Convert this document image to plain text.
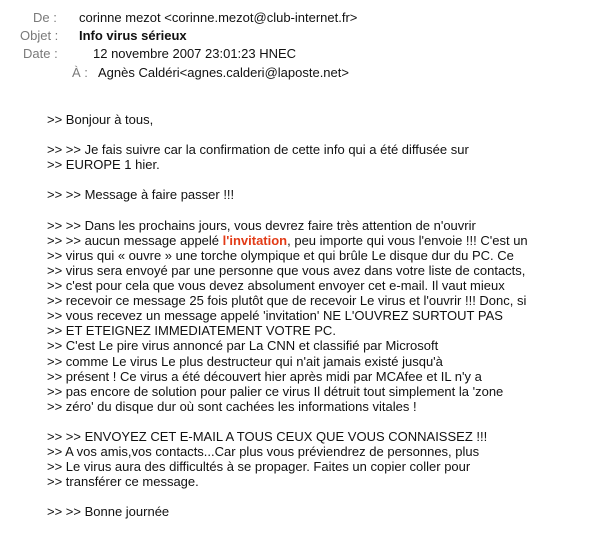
De : corinne mezot <corinne.mezot@club-internet.fr>
Objet : Info virus sérieux
Date :	12 novembre 2007 23:01:23 HNEC
À : Agnès Caldéri<agnes.calderi@laposte.net>
>> Bonjour à tous,
>> >> Je fais suivre car la confirmation de cette info qui a été diffusée sur
>> EUROPE 1 hier.
>> >> Message à faire passer !!!
>> >> Dans les prochains jours, vous devrez faire très attention de n'ouvrir
>> >> aucun message appelé l'invitation, peu importe qui vous l'envoie !!! C'est un
>> virus qui « ouvre » une torche olympique et qui brûle Le disque dur du PC. Ce
>> virus sera envoyé par une personne que vous avez dans votre liste de contacts,
>> c'est pour cela que vous devez absolument envoyer cet e-mail. Il vaut mieux
>> recevoir ce message 25 fois plutôt que de recevoir Le virus et l'ouvrir !!! Donc, si
>> vous recevez un message appelé 'invitation' NE L'OUVREZ SURTOUT PAS
>> ET ETEIGNEZ IMMEDIATEMENT VOTRE PC.
>> C'est Le pire virus annoncé par La CNN et classifié par Microsoft
>> comme Le virus Le plus destructeur qui n'ait jamais existé jusqu'à
>> présent ! Ce virus a été découvert hier après midi par MCAfee et IL n'y a
>> pas encore de solution pour palier ce virus Il détruit tout simplement la 'zone
>> zéro' du disque dur où sont cachées les informations vitales !
>> >> ENVOYEZ CET E-MAIL A TOUS CEUX QUE VOUS CONNAISSEZ !!!
>> A vos amis,vos contacts...Car plus vous préviendrez de personnes, plus
>> Le virus aura des difficultés à se propager. Faites un copier coller pour
>> transférer ce message.
>> >> Bonne journée
